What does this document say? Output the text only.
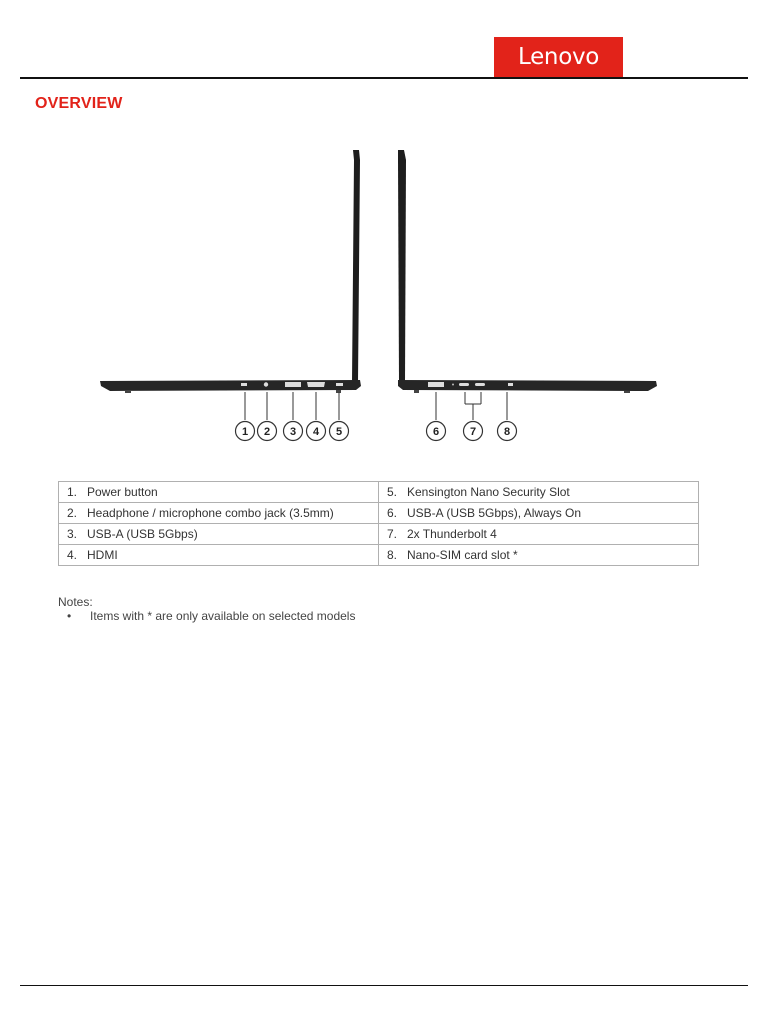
Lenovo
OVERVIEW
1 2 3 4 5	6	7	8
1. Power button	5. Kensington Nano Security Slot
2. Headphone / microphone combo jack (3.5mm)	6. USB-A (USB 5Gbps), Always On
3. USB-A (USB 5Gbps)	7. 2x Thunderbolt 4
4. HDMI	8. Nano-SIM card slot *
Notes:
• Items with * are only available on selected models
